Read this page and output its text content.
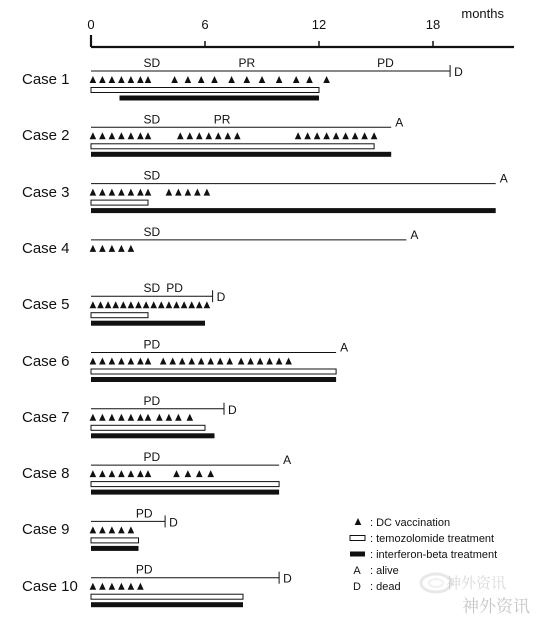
0	6	12	18
months
SD	PR	PD
D
SD	PR	A
SD	A
SD	A
SD PD
D
PD	A
PD
D
PD	A
PD
D
PD
D
: DC vaccination
: temozolomide treatment
: interferon-beta treatment
A : alive
D : dead
Case 1
Case 2
Case 3
Case 4
Case 5
Case 6
Case 7
Case 8
Case 9
Case 10	神外资讯
神外资讯
